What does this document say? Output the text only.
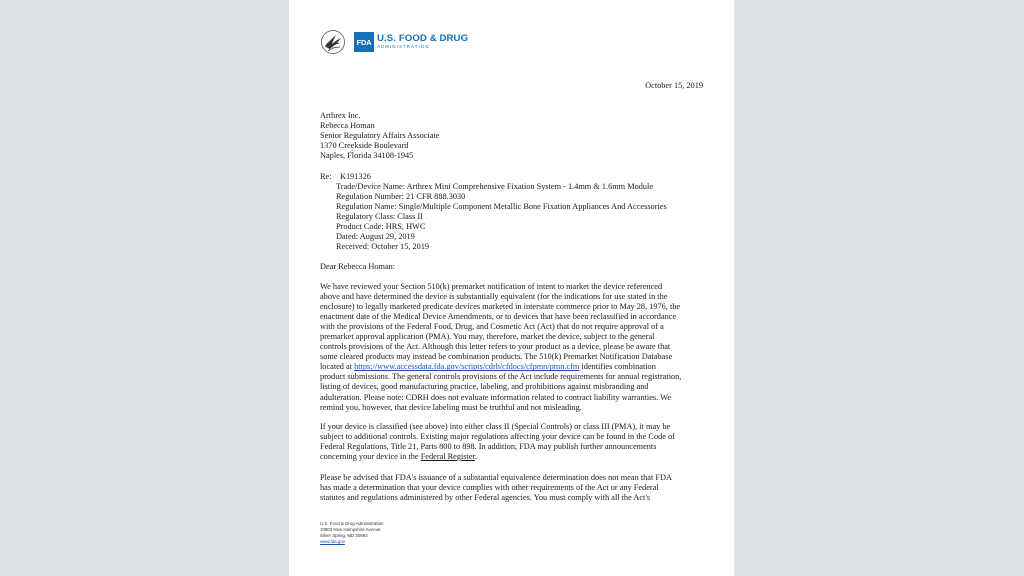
FDA U.S. FOOD & DRUG
ADMINISTRATION
October 15, 2019
Arthrex Inc.
Rebecca Homan
Senior Regulatory Affairs Associate
1370 Creekside Boulevard
Naples, Florida 34108-1945
Re:	K191326
Trade/Device Name: Arthrex Mini Comprehensive Fixation System - 1.4mm & 1.6mm Module
Regulation Number: 21 CFR 888.3030
Regulation Name: Single/Multiple Component Metallic Bone Fixation Appliances And Accessories
Regulatory Class: Class II
Product Code: HRS, HWC
Dated: August 29, 2019
Received: October 15, 2019
Dear Rebecca Homan:
We have reviewed your Section 510(k) premarket notification of intent to market the device referenced
above and have determined the device is substantially equivalent (for the indications for use stated in the
enclosure) to legally marketed predicate devices marketed in interstate commerce prior to May 28, 1976, the
enactment date of the Medical Device Amendments, or to devices that have been reclassified in accordance
with the provisions of the Federal Food, Drug, and Cosmetic Act (Act) that do not require approval of a
premarket approval application (PMA). You may, therefore, market the device, subject to the general
controls provisions of the Act. Although this letter refers to your product as a device, please be aware that
some cleared products may instead be combination products. The 510(k) Premarket Notification Database
located at https://www.accessdata.fda.gov/scripts/cdrh/cfdocs/cfpmn/pmn.cfm identifies combination
product submissions. The general controls provisions of the Act include requirements for annual registration,
listing of devices, good manufacturing practice, labeling, and prohibitions against misbranding and
adulteration. Please note: CDRH does not evaluate information related to contract liability warranties. We
remind you, however, that device labeling must be truthful and not misleading.
If your device is classified (see above) into either class II (Special Controls) or class III (PMA), it may be
subject to additional controls. Existing major regulations affecting your device can be found in the Code of
Federal Regulations, Title 21, Parts 800 to 898. In addition, FDA may publish further announcements
concerning your device in the Federal Register.
Please be advised that FDA's issuance of a substantial equivalence determination does not mean that FDA
has made a determination that your device complies with other requirements of the Act or any Federal
statutes and regulations administered by other Federal agencies. You must comply with all the Act's
U.S. Food & Drug Administration
10903 New Hampshire Avenue
Silver Spring, MD 20993
www.fda.gov
